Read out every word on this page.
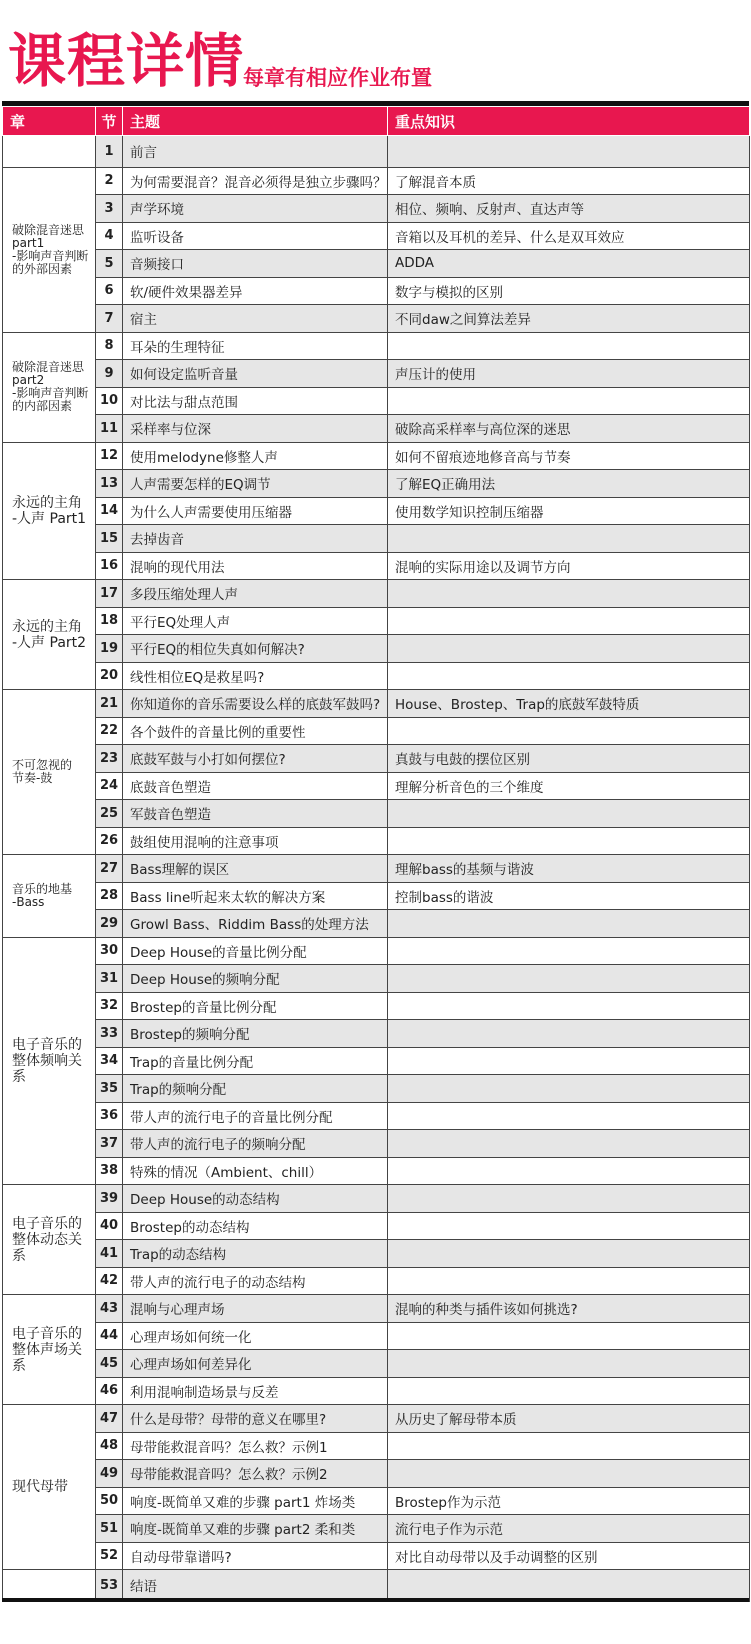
课程详情
每章有相应作业布置
章	节	主题	重点知识
	1	前言	
破除混音迷思part1
-影响声音判断的外部因素	2	为何需要混音？混音必须得是独立步骤吗？	了解混音本质
	3	声学环境	相位、频响、反射声、直达声等
	4	监听设备	音箱以及耳机的差异、什么是双耳效应
	5	音频接口	ADDA
	6	软/硬件效果器差异	数字与模拟的区别
	7	宿主	不同daw之间算法差异
破除混音迷思part2
-影响声音判断的内部因素	8	耳朵的生理特征	
	9	如何设定监听音量	声压计的使用
	10	对比法与甜点范围	
	11	采样率与位深	破除高采样率与高位深的迷思
永远的主角
-人声 Part1	12	使用melodyne修整人声	如何不留痕迹地修音高与节奏
	13	人声需要怎样的EQ调节	了解EQ正确用法
	14	为什么人声需要使用压缩器	使用数学知识控制压缩器
	15	去掉齿音	
	16	混响的现代用法	混响的实际用途以及调节方向
永远的主角
-人声 Part2	17	多段压缩处理人声	
	18	平行EQ处理人声	
	19	平行EQ的相位失真如何解决?	
	20	线性相位EQ是救星吗?	
不可忽视的
节奏-鼓	21	你知道你的音乐需要设么样的底鼓军鼓吗?	House、Brostep、Trap的底鼓军鼓特质
	22	各个鼓件的音量比例的重要性	
	23	底鼓军鼓与小打如何摆位?	真鼓与电鼓的摆位区别
	24	底鼓音色塑造	理解分析音色的三个维度
	25	军鼓音色塑造	
	26	鼓组使用混响的注意事项	
音乐的地基
-Bass	27	Bass理解的误区	理解bass的基频与谐波
	28	Bass line听起来太软的解决方案	控制bass的谐波
	29	Growl Bass、Riddim Bass的处理方法	
电子音乐的
整体频响关系	30	Deep House的音量比例分配	
	31	Deep House的频响分配	
	32	Brostep的音量比例分配	
	33	Brostep的频响分配	
	34	Trap的音量比例分配	
	35	Trap的频响分配	
	36	带人声的流行电子的音量比例分配	
	37	带人声的流行电子的频响分配	
	38	特殊的情况（Ambient、chill）	
电子音乐的
整体动态关系	39	Deep House的动态结构	
	40	Brostep的动态结构	
	41	Trap的动态结构	
	42	带人声的流行电子的动态结构	
电子音乐的
整体声场关系	43	混响与心理声场	混响的种类与插件该如何挑选?
	44	心理声场如何统一化	
	45	心理声场如何差异化	
	46	利用混响制造场景与反差	
现代母带	47	什么是母带？母带的意义在哪里?	从历史了解母带本质
	48	母带能救混音吗？怎么救？示例1	
	49	母带能救混音吗？怎么救？示例2	
	50	响度-既简单又难的步骤 part1 炸场类	Brostep作为示范
	51	响度-既简单又难的步骤 part2 柔和类	流行电子作为示范
	52	自动母带靠谱吗?	对比自动母带以及手动调整的区别
	53	结语	
